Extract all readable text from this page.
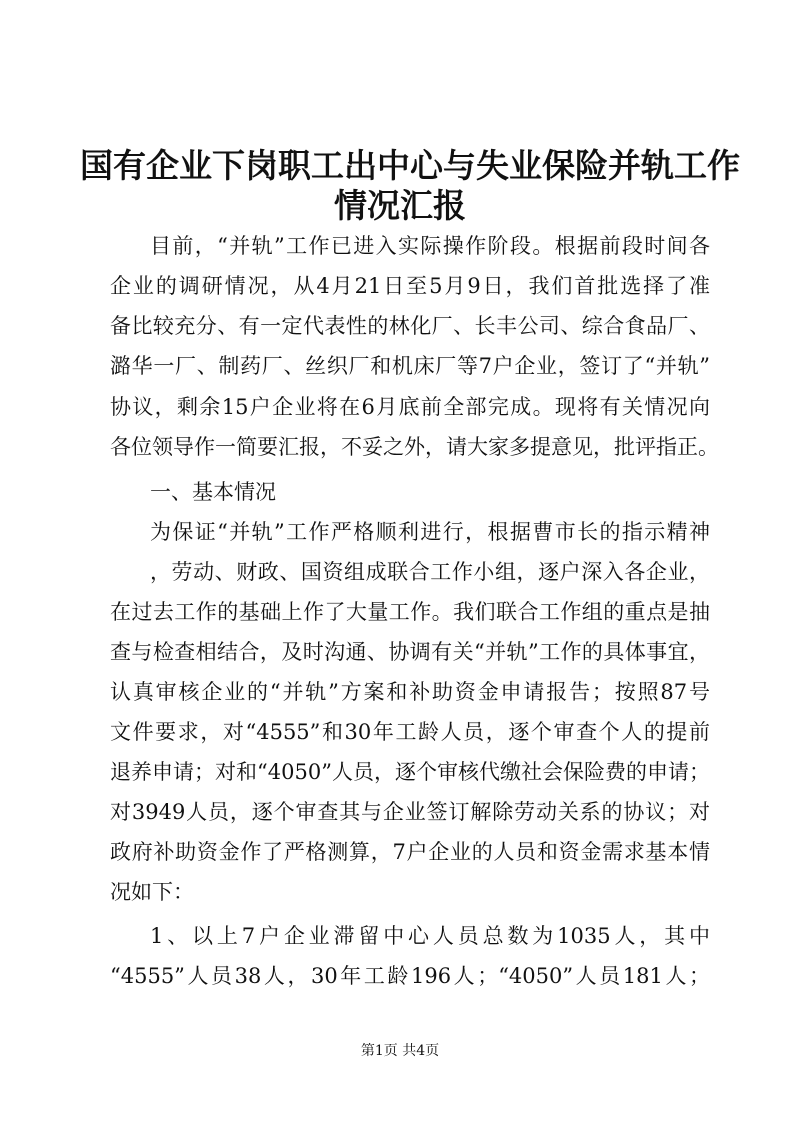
国有企业下岗职工出中心与失业保险并轨工作
情况汇报
目前，“并轨”工作已进入实际操作阶段。根据前段时间各
企业的调研情况，从4月21日至5月9日，我们首批选择了准
备比较充分、有一定代表性的林化厂、长丰公司、综合食品厂、
潞华一厂、制药厂、丝织厂和机床厂等7户企业，签订了“并轨”
协议，剩余15户企业将在6月底前全部完成。现将有关情况向
各位领导作一简要汇报，不妥之外，请大家多提意见，批评指正。
一、基本情况
为保证“并轨”工作严格顺利进行，根据曹市长的指示精神
，劳动、财政、国资组成联合工作小组，逐户深入各企业，
在过去工作的基础上作了大量工作。我们联合工作组的重点是抽
查与检查相结合，及时沟通、协调有关“并轨”工作的具体事宜，
认真审核企业的“并轨”方案和补助资金申请报告；按照87号
文件要求，对“4555”和30年工龄人员，逐个审查个人的提前
退养申请；对和“4050”人员，逐个审核代缴社会保险费的申请；
对3949人员，逐个审查其与企业签订解除劳动关系的协议；对
政府补助资金作了严格测算，7户企业的人员和资金需求基本情
况如下：
1、以上7户企业滞留中心人员总数为1035人，其中
“4555”人员38人，30年工龄196人；“4050”人员181人；
第1页 共4页
